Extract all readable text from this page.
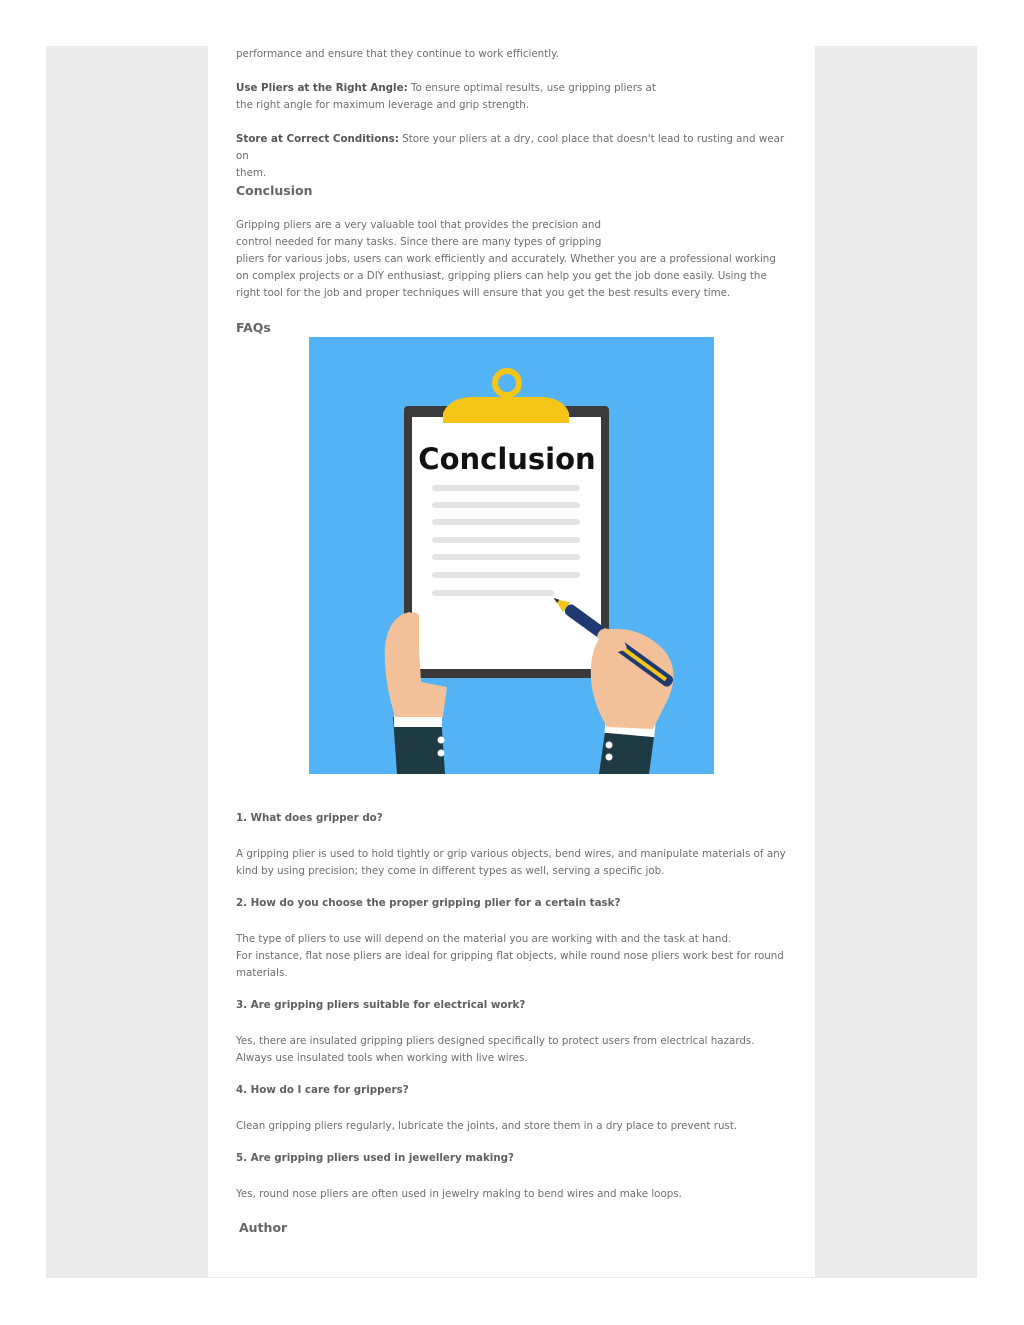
performance and ensure that they continue to work efficiently.

Use Pliers at the Right Angle: To ensure optimal results, use gripping pliers at
the right angle for maximum leverage and grip strength.

Store at Correct Conditions: Store your pliers at a dry, cool place that doesn't lead to rusting and wear on
them.

Conclusion

Gripping pliers are a very valuable tool that provides the precision and
control needed for many tasks. Since there are many types of gripping
pliers for various jobs, users can work efficiently and accurately. Whether you are a professional working
on complex projects or a DIY enthusiast, gripping pliers can help you get the job done easily. Using the
right tool for the job and proper techniques will ensure that you get the best results every time.

FAQs
Conclusion
1. What does gripper do?

A gripping plier is used to hold tightly or grip various objects, bend wires, and manipulate materials of any
kind by using precision; they come in different types as well, serving a specific job.

2. How do you choose the proper gripping plier for a certain task?

The type of pliers to use will depend on the material you are working with and the task at hand.
For instance, flat nose pliers are ideal for gripping flat objects, while round nose pliers work best for round
materials.

3. Are gripping pliers suitable for electrical work?

Yes, there are insulated gripping pliers designed specifically to protect users from electrical hazards.
Always use insulated tools when working with live wires.

4. How do I care for grippers?

Clean gripping pliers regularly, lubricate the joints, and store them in a dry place to prevent rust.

5. Are gripping pliers used in jewellery making?

Yes, round nose pliers are often used in jewelry making to bend wires and make loops.

Author
